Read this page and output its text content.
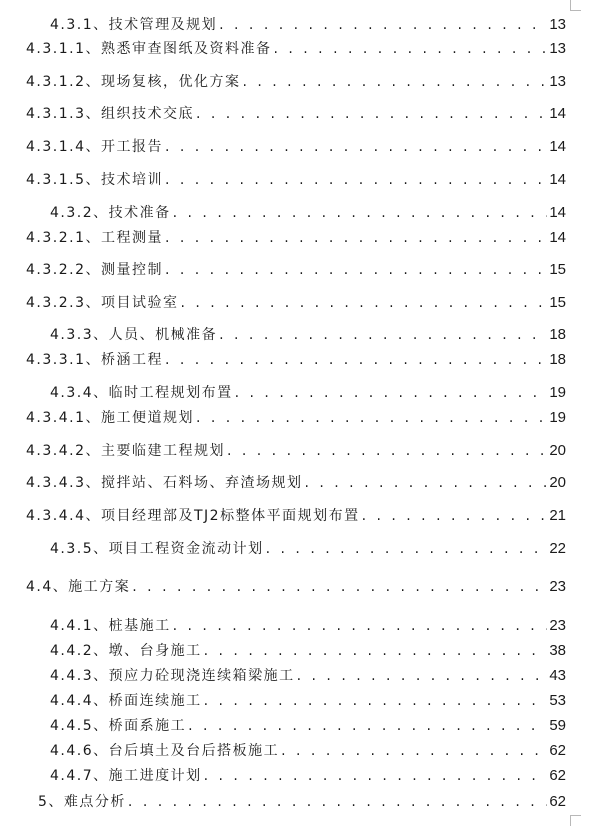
4.3.1、技术管理及规划 . . .	13
4.3.1.1、熟悉审查图纸及资料准备 . . .	13
4.3.1.2、现场复核，优化方案 . . .	13
4.3.1.3、组织技术交底 . . .	14
4.3.1.4、开工报告 . . .	14
4.3.1.5、技术培训 . . .	14
4.3.2、技术准备 . . .	14
4.3.2.1、工程测量 . . .	14
4.3.2.2、测量控制 . . .	15
4.3.2.3、项目试验室 . . .	15
4.3.3、人员、机械准备 . . .	18
4.3.3.1、桥涵工程 . . .	18
4.3.4、临时工程规划布置 . . .	19
4.3.4.1、施工便道规划 . . .	19
4.3.4.2、主要临建工程规划 . . .	20
4.3.4.3、搅拌站、石料场、弃渣场规划 . . .	20
4.3.4.4、项目经理部及TJ2标整体平面规划布置 . . .	21
4.3.5、项目工程资金流动计划 . . .	22
4.4、施工方案 . . .	23
4.4.1、桩基施工 . . .	23
4.4.2、墩、台身施工 . . .	38
4.4.3、预应力砼现浇连续箱梁施工 . . .	43
4.4.4、桥面连续施工 . . .	53
4.4.5、桥面系施工 . . .	59
4.4.6、台后填土及台后搭板施工 . . .	62
4.4.7、施工进度计划 . . .	62
5、难点分析 . . .	62
